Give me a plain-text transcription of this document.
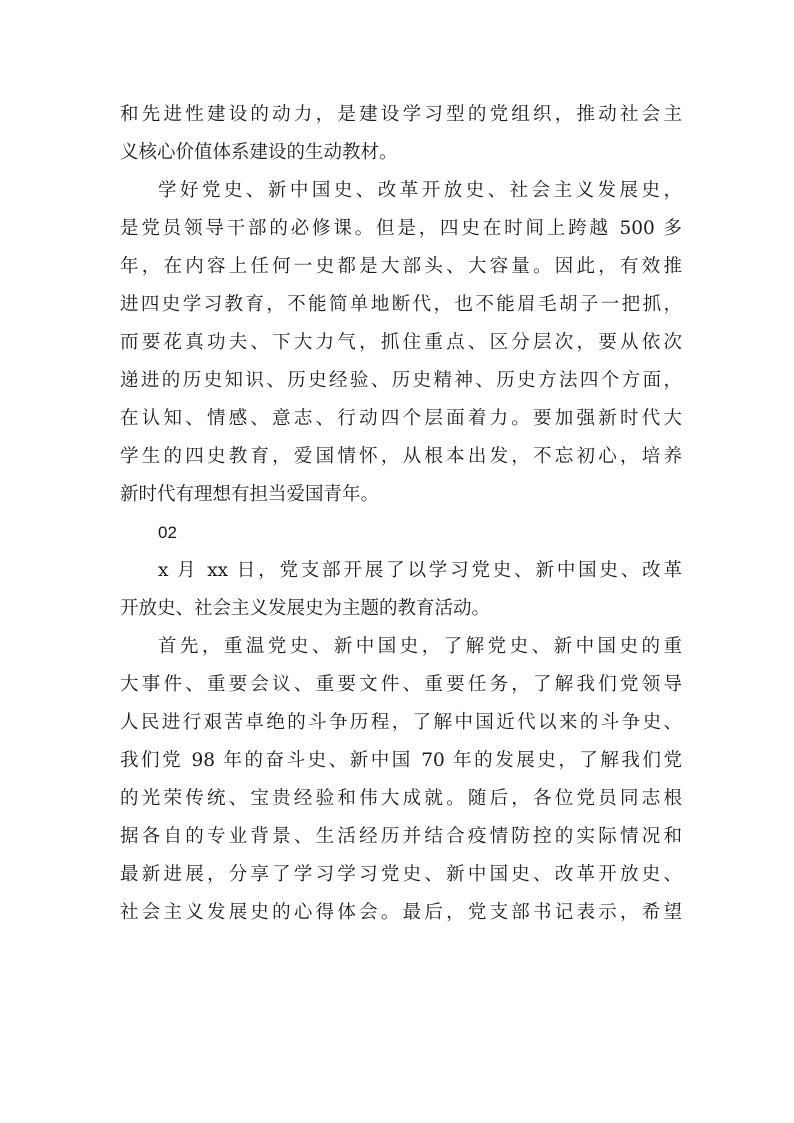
和先进性建设的动力，是建设学习型的党组织，推动社会主
义核心价值体系建设的生动教材。
学好党史、新中国史、改革开放史、社会主义发展史，
是党员领导干部的必修课。但是，四史在时间上跨越 500 多
年，在内容上任何一史都是大部头、大容量。因此，有效推
进四史学习教育，不能简单地断代，也不能眉毛胡子一把抓，
而要花真功夫、下大力气，抓住重点、区分层次，要从依次
递进的历史知识、历史经验、历史精神、历史方法四个方面，
在认知、情感、意志、行动四个层面着力。要加强新时代大
学生的四史教育，爱国情怀，从根本出发，不忘初心，培养
新时代有理想有担当爱国青年。
02
x 月 xx 日，党支部开展了以学习党史、新中国史、改革
开放史、社会主义发展史为主题的教育活动。
首先，重温党史、新中国史，了解党史、新中国史的重
大事件、重要会议、重要文件、重要任务，了解我们党领导
人民进行艰苦卓绝的斗争历程，了解中国近代以来的斗争史、
我们党 98 年的奋斗史、新中国 70 年的发展史，了解我们党
的光荣传统、宝贵经验和伟大成就。随后，各位党员同志根
据各自的专业背景、生活经历并结合疫情防控的实际情况和
最新进展，分享了学习学习党史、新中国史、改革开放史、
社会主义发展史的心得体会。最后，党支部书记表示，希望
